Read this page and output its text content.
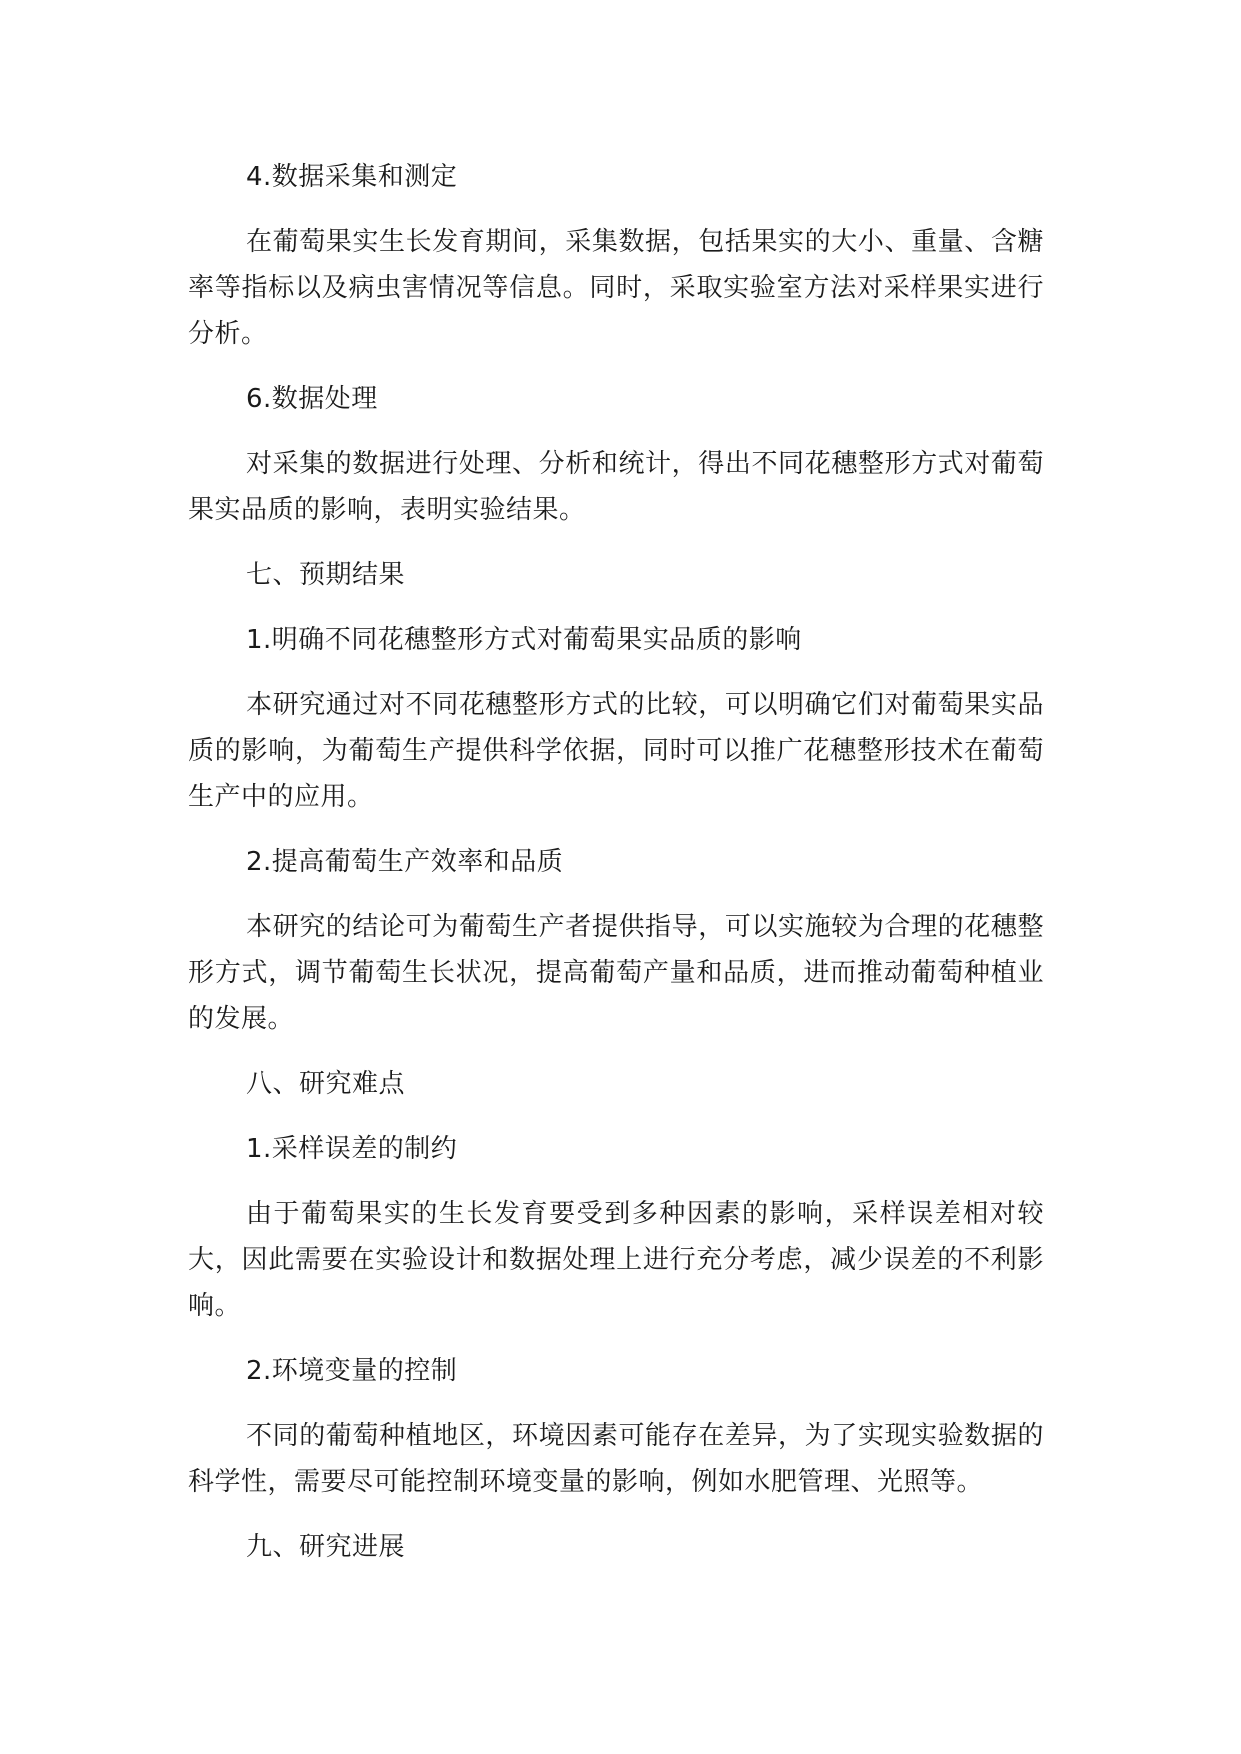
4.数据采集和测定

在葡萄果实生长发育期间，采集数据，包括果实的大小、重量、含糖率等指标以及病虫害情况等信息。同时，采取实验室方法对采样果实进行分析。

6.数据处理

对采集的数据进行处理、分析和统计，得出不同花穗整形方式对葡萄果实品质的影响，表明实验结果。

七、预期结果

1.明确不同花穗整形方式对葡萄果实品质的影响

本研究通过对不同花穗整形方式的比较，可以明确它们对葡萄果实品质的影响，为葡萄生产提供科学依据，同时可以推广花穗整形技术在葡萄生产中的应用。

2.提高葡萄生产效率和品质

本研究的结论可为葡萄生产者提供指导，可以实施较为合理的花穗整形方式，调节葡萄生长状况，提高葡萄产量和品质，进而推动葡萄种植业的发展。

八、研究难点

1.采样误差的制约

由于葡萄果实的生长发育要受到多种因素的影响，采样误差相对较大，因此需要在实验设计和数据处理上进行充分考虑，减少误差的不利影响。

2.环境变量的控制

不同的葡萄种植地区，环境因素可能存在差异，为了实现实验数据的科学性，需要尽可能控制环境变量的影响，例如水肥管理、光照等。

九、研究进展
